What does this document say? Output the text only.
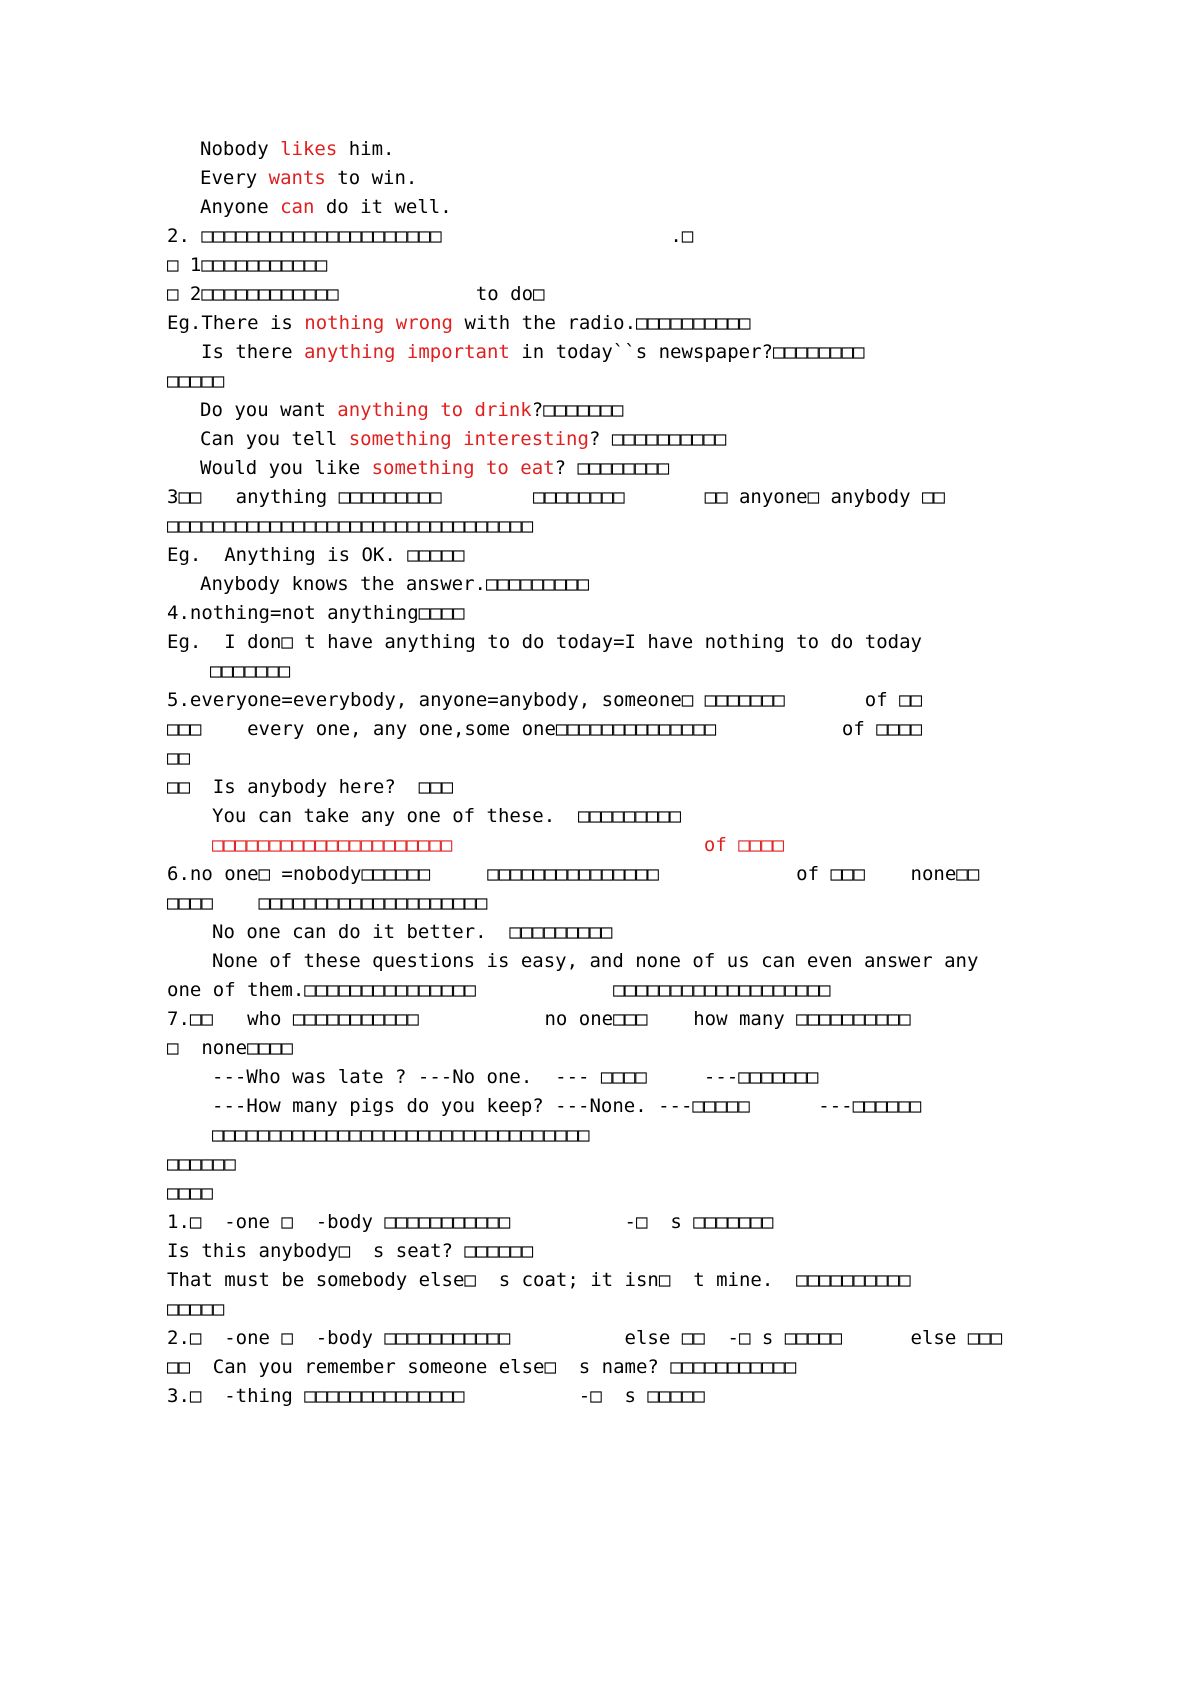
Nobody likes him.
Every wants to win.
Anyone can do it well.
2. □□□□□□□□□□□□□□□□□□□□□                    .□
□ 1□□□□□□□□□□□
□ 2□□□□□□□□□□□□            to do□
Eg.There is nothing wrong with the radio.□□□□□□□□□□
Is there anything important in today``s newspaper?□□□□□□□□
□□□□□
Do you want anything to drink?□□□□□□□
Can you tell something interesting? □□□□□□□□□□
Would you like something to eat? □□□□□□□□
3□□   anything □□□□□□□□□        □□□□□□□□       □□ anyone□ anybody □□
□□□□□□□□□□□□□□□□□□□□□□□□□□□□□□□□
Eg.  Anything is OK. □□□□□
Anybody knows the answer.□□□□□□□□□
4.nothing=not anything□□□□
Eg.  I don□ t have anything to do today=I have nothing to do today
□□□□□□□
5.everyone=everybody, anyone=anybody, someone□ □□□□□□□       of □□
□□□    every one, any one,some one□□□□□□□□□□□□□□           of □□□□
□□
□□  Is anybody here?  □□□
You can take any one of these.  □□□□□□□□□
□□□□□□□□□□□□□□□□□□□□□                      of □□□□
6.no one□ =nobody□□□□□□     □□□□□□□□□□□□□□□            of □□□    none□□
□□□□    □□□□□□□□□□□□□□□□□□□□
No one can do it better.  □□□□□□□□□
None of these questions is easy, and none of us can even answer any
one of them.□□□□□□□□□□□□□□□            □□□□□□□□□□□□□□□□□□□
7.□□   who □□□□□□□□□□□           no one□□□    how many □□□□□□□□□□
□  none□□□□
---Who was late ? ---No one.  --- □□□□     ---□□□□□□□
---How many pigs do you keep? ---None. ---□□□□□      ---□□□□□□
□□□□□□□□□□□□□□□□□□□□□□□□□□□□□□□□□
□□□□□□
□□□□
1.□  -one □  -body □□□□□□□□□□□          -□  s □□□□□□□
Is this anybody□  s seat? □□□□□□
That must be somebody else□  s coat; it isn□  t mine.  □□□□□□□□□□
□□□□□
2.□  -one □  -body □□□□□□□□□□□          else □□  -□ s □□□□□      else □□□
□□  Can you remember someone else□  s name? □□□□□□□□□□□
3.□  -thing □□□□□□□□□□□□□□          -□  s □□□□□
